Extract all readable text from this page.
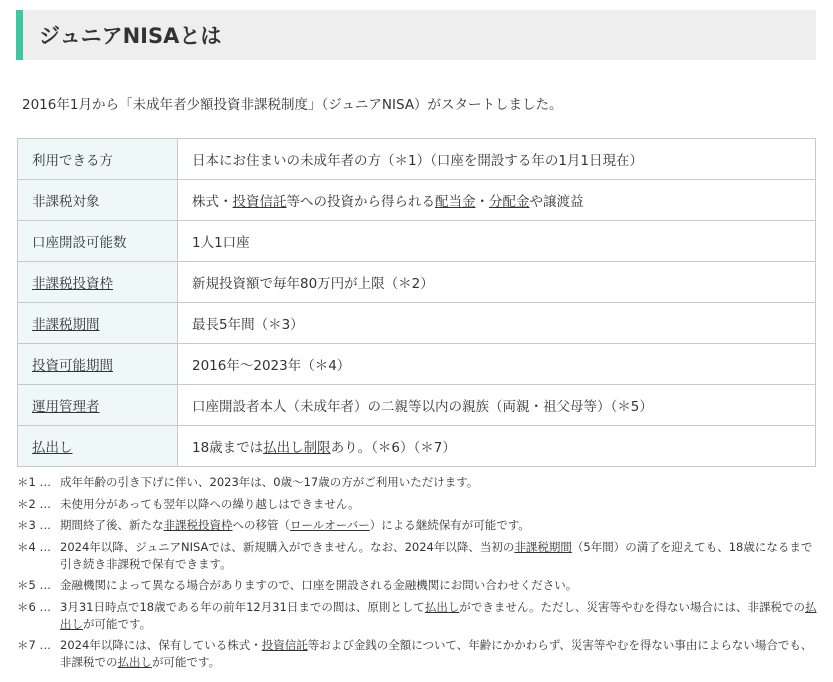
ジュニアNISAとは

2016年1月から「未成年者少額投資非課税制度」（ジュニアNISA）がスタートしました。

利用できる方	日本にお住まいの未成年者の方（＊1）（口座を開設する年の1月1日現在）
非課税対象	株式・投資信託等への投資から得られる配当金・分配金や譲渡益
口座開設可能数	1人1口座
非課税投資枠	新規投資額で毎年80万円が上限（＊2）
非課税期間	最長5年間（＊3）
投資可能期間	2016年～2023年（＊4）
運用管理者	口座開設者本人（未成年者）の二親等以内の親族（両親・祖父母等）（＊5）
払出し	18歳までは払出し制限あり。（＊6）（＊7）
＊1 … 成年年齢の引き下げに伴い、2023年は、0歳～17歳の方がご利用いただけます。
＊2 … 未使用分があっても翌年以降への繰り越しはできません。
＊3 … 期間終了後、新たな非課税投資枠への移管（ロールオーバー）による継続保有が可能です。
＊4 … 2024年以降、ジュニアNISAでは、新規購入ができません。なお、2024年以降、当初の非課税期間（5年間）の満了を迎えても、18歳になるまで引き続き非課税で保有できます。
＊5 … 金融機関によって異なる場合がありますので、口座を開設される金融機関にお問い合わせください。
＊6 … 3月31日時点で18歳である年の前年12月31日までの間は、原則として払出しができません。ただし、災害等やむを得ない場合には、非課税での払出しが可能です。
＊7 … 2024年以降には、保有している株式・投資信託等および金銭の全額について、年齢にかかわらず、災害等やむを得ない事由によらない場合でも、非課税での払出しが可能です。
